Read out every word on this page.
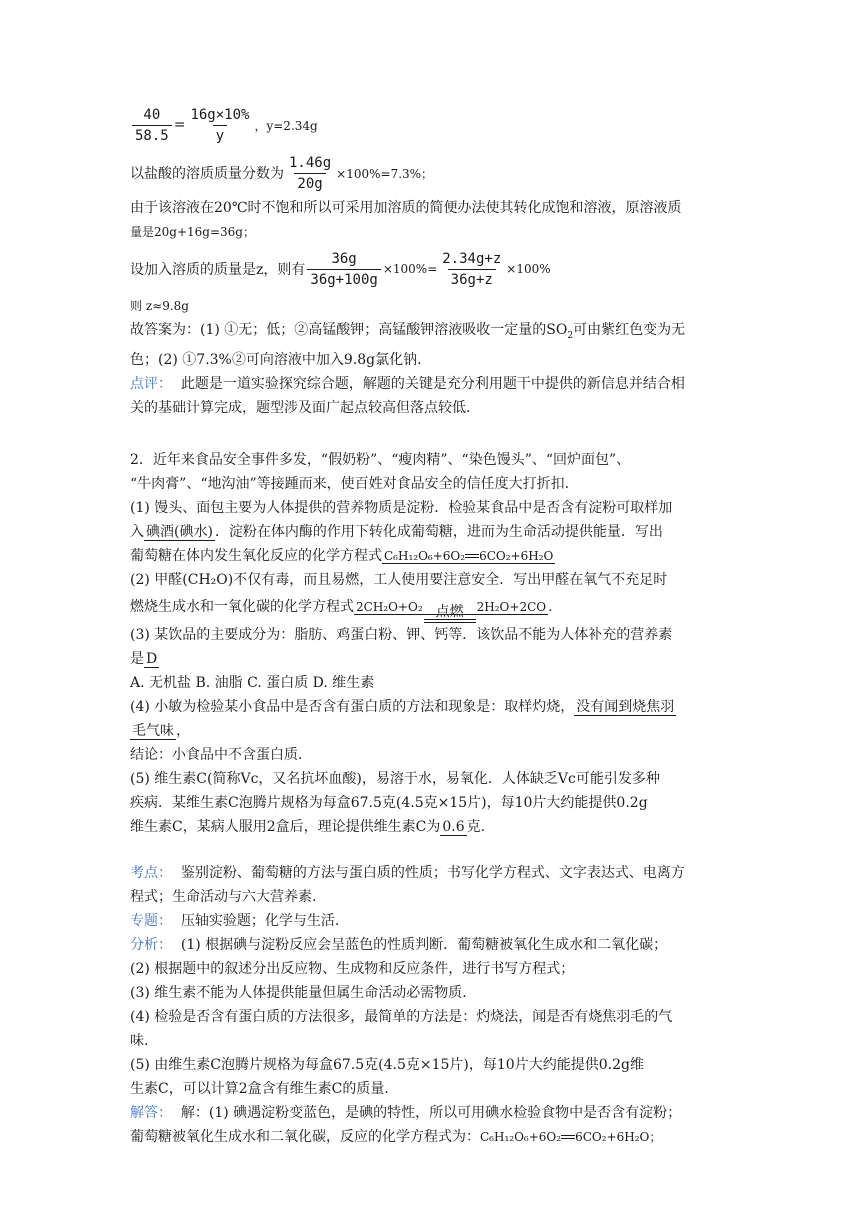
$\frac{40}{58.5} = \frac{16g\times 10\%}{y}$ ，y=2.34g
以盐酸的溶质质量分数为 $\frac{1.46g}{20g} \times 100\%=7.3\%$；

由于该溶液在20℃时不饱和所以可采用加溶质的简便办法使其转化成饱和溶液，原溶液质

量是20g+16g=36g；

设加入溶质的质量是z，则有 $\frac{36g}{36g+100g} \times 100\%= \frac{2.34g+z}{36g+z} \times 100\%$

则 z≈9.8g

故答案为：(1) ①无；低；②高锰酸钾；高锰酸钾溶液吸收一定量的$SO_2$可由紫红色变为无

色；(2) ①7.3%②可向溶液中加入9.8g氯化钠.

点评： 此题是一道实验探究综合题，解题的关键是充分利用题干中提供的新信息并结合相

关的基础计算完成，题型涉及面广起点较高但落点较低.

2．近年来食品安全事件多发，“假奶粉”、“瘦肉精”、“染色馒头”、“回炉面包”、

“牛肉膏”、“地沟油”等接踵而来，使百姓对食品安全的信任度大打折扣.

(1) 馒头、面包主要为人体提供的营养物质是淀粉．检验某食品中是否含有淀粉可取样加

入 碘酒(碘水) ．淀粉在体内酶的作用下转化成葡萄糖，进而为生命活动提供能量．写出

葡萄糖在体内发生氧化反应的化学方程式 C₆H₁₂O₆+6O₂ 6CO₂+6H₂O

(2) 甲醛(CH₂O)不仅有毒，而且易燃，工人使用要注意安全．写出甲醛在氧气不充足时

燃烧生成水和一氧化碳的化学方程式 2CH₂O+O₂ 点燃 2H₂O+2CO .

(3) 某饮品的主要成分为：脂肪、鸡蛋白粉、钾、钙等．该饮品不能为人体补充的营养素

是 D

A. 无机盐 B. 油脂 C. 蛋白质 D. 维生素

(4) 小敏为检验某小食品中是否含有蛋白质的方法和现象是：取样灼烧， 没有闻到烧焦羽

毛气味 ，

结论：小食品中不含蛋白质.

(5) 维生素C(简称Vc，又名抗坏血酸)，易溶于水，易氧化．人体缺乏Vc可能引发多种

疾病．某维生素C泡腾片规格为每盒67.5克(4.5克×15片)，每10片大约能提供0.2g

维生素C，某病人服用2盒后，理论提供维生素C为 0.6 克.

考点： 鉴别淀粉、葡萄糖的方法与蛋白质的性质；书写化学方程式、文字表达式、电离方

程式；生命活动与六大营养素.

专题： 压轴实验题；化学与生活.

分析： (1) 根据碘与淀粉反应会呈蓝色的性质判断．葡萄糖被氧化生成水和二氧化碳；

(2) 根据题中的叙述分出反应物、生成物和反应条件，进行书写方程式；

(3) 维生素不能为人体提供能量但属生命活动必需物质.

(4) 检验是否含有蛋白质的方法很多，最简单的方法是：灼烧法，闻是否有烧焦羽毛的气

味.

(5) 由维生素C泡腾片规格为每盒67.5克(4.5克×15片)，每10片大约能提供0.2g维

生素C，可以计算2盒含有维生素C的质量.

解答： 解：(1) 碘遇淀粉变蓝色，是碘的特性，所以可用碘水检验食物中是否含有淀粉；

葡萄糖被氧化生成水和二氧化碳，反应的化学方程式为：C₆H₁₂O₆+6O₂ 6CO₂+6H₂O；
